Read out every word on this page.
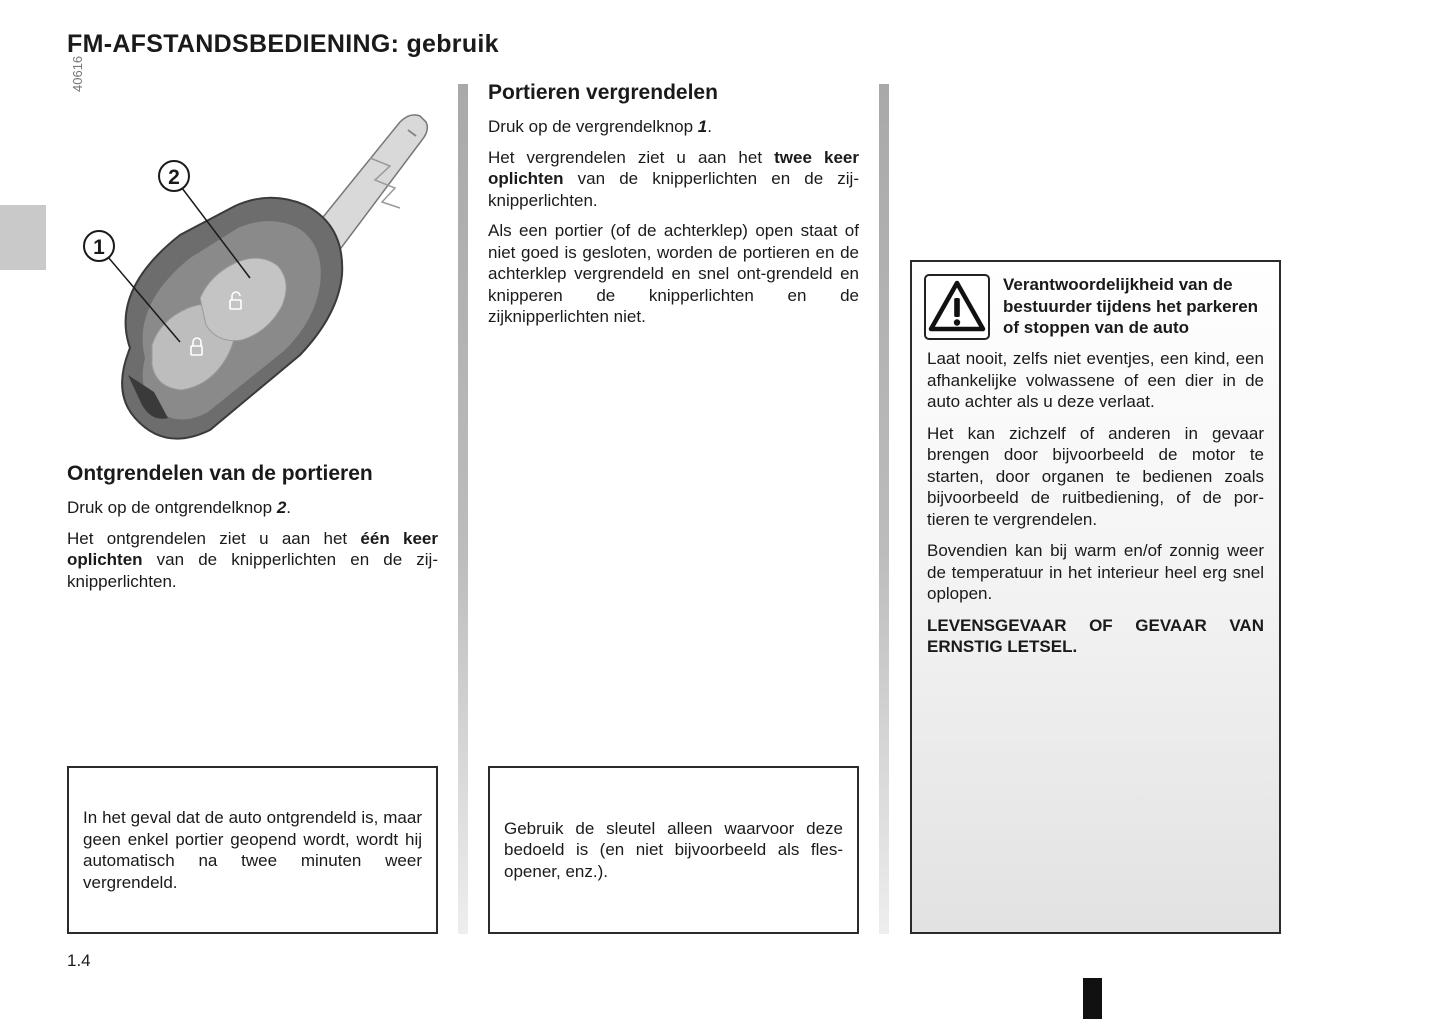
FM-AFSTANDSBEDIENING: gebruik
40616
1
2
Ontgrendelen van de portieren

Druk op de ontgrendelknop 2.

Het ontgrendelen ziet u aan het één keer oplichten van de knipperlichten en de zij-knipperlichten.

Portieren vergrendelen

Druk op de vergrendelknop 1.

Het vergrendelen ziet u aan het twee keer oplichten van de knipperlichten en de zij-knipperlichten.

Als een portier (of de achterklep) open staat of niet goed is gesloten, worden de portieren en de achterklep vergrendeld en snel ont-grendeld en knipperen de knipperlichten en de zijknipperlichten niet.

In het geval dat de auto ontgrendeld is, maar geen enkel portier geopend wordt, wordt hij automatisch na twee minuten weer vergrendeld.

Gebruik de sleutel alleen waarvoor deze bedoeld is (en niet bijvoorbeeld als fles-opener, enz.).

Verantwoordelijkheid van de bestuurder tijdens het parkeren of stoppen van de auto

Laat nooit, zelfs niet eventjes, een kind, een afhankelijke volwassene of een dier in de auto achter als u deze verlaat.

Het kan zichzelf of anderen in gevaar brengen door bijvoorbeeld de motor te starten, door organen te bedienen zoals bijvoorbeeld de ruitbediening, of de por-tieren te vergrendelen.

Bovendien kan bij warm en/of zonnig weer de temperatuur in het interieur heel erg snel oplopen.

LEVENSGEVAAR OF GEVAAR VAN ERNSTIG LETSEL.

1.4
